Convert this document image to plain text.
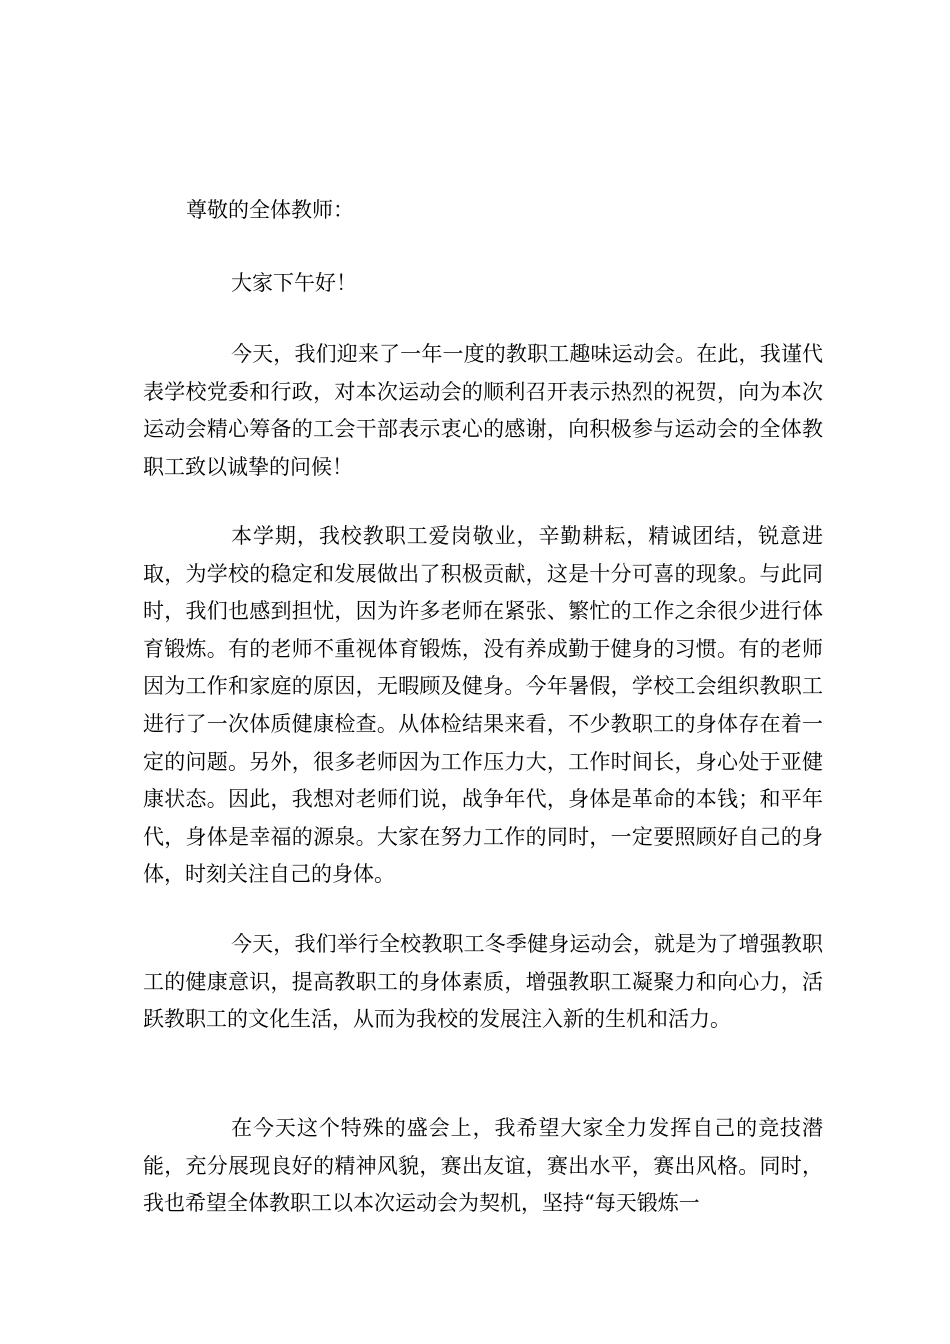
尊敬的全体教师：

大家下午好！

今天，我们迎来了一年一度的教职工趣味运动会。在此，我谨代表学校党委和行政，对本次运动会的顺利召开表示热烈的祝贺，向为本次运动会精心筹备的工会干部表示衷心的感谢，向积极参与运动会的全体教职工致以诚挚的问候！

本学期，我校教职工爱岗敬业，辛勤耕耘，精诚团结，锐意进取，为学校的稳定和发展做出了积极贡献，这是十分可喜的现象。与此同时，我们也感到担忧，因为许多老师在紧张、繁忙的工作之余很少进行体育锻炼。有的老师不重视体育锻炼，没有养成勤于健身的习惯。有的老师因为工作和家庭的原因，无暇顾及健身。今年暑假，学校工会组织教职工进行了一次体质健康检查。从体检结果来看，不少教职工的身体存在着一定的问题。另外，很多老师因为工作压力大，工作时间长，身心处于亚健康状态。因此，我想对老师们说，战争年代，身体是革命的本钱；和平年代，身体是幸福的源泉。大家在努力工作的同时，一定要照顾好自己的身体，时刻关注自己的身体。

今天，我们举行全校教职工冬季健身运动会，就是为了增强教职工的健康意识，提高教职工的身体素质，增强教职工凝聚力和向心力，活跃教职工的文化生活，从而为我校的发展注入新的生机和活力。

在今天这个特殊的盛会上，我希望大家全力发挥自己的竞技潜能，充分展现良好的精神风貌，赛出友谊，赛出水平，赛出风格。同时，我也希望全体教职工以本次运动会为契机，坚持“每天锻炼一
